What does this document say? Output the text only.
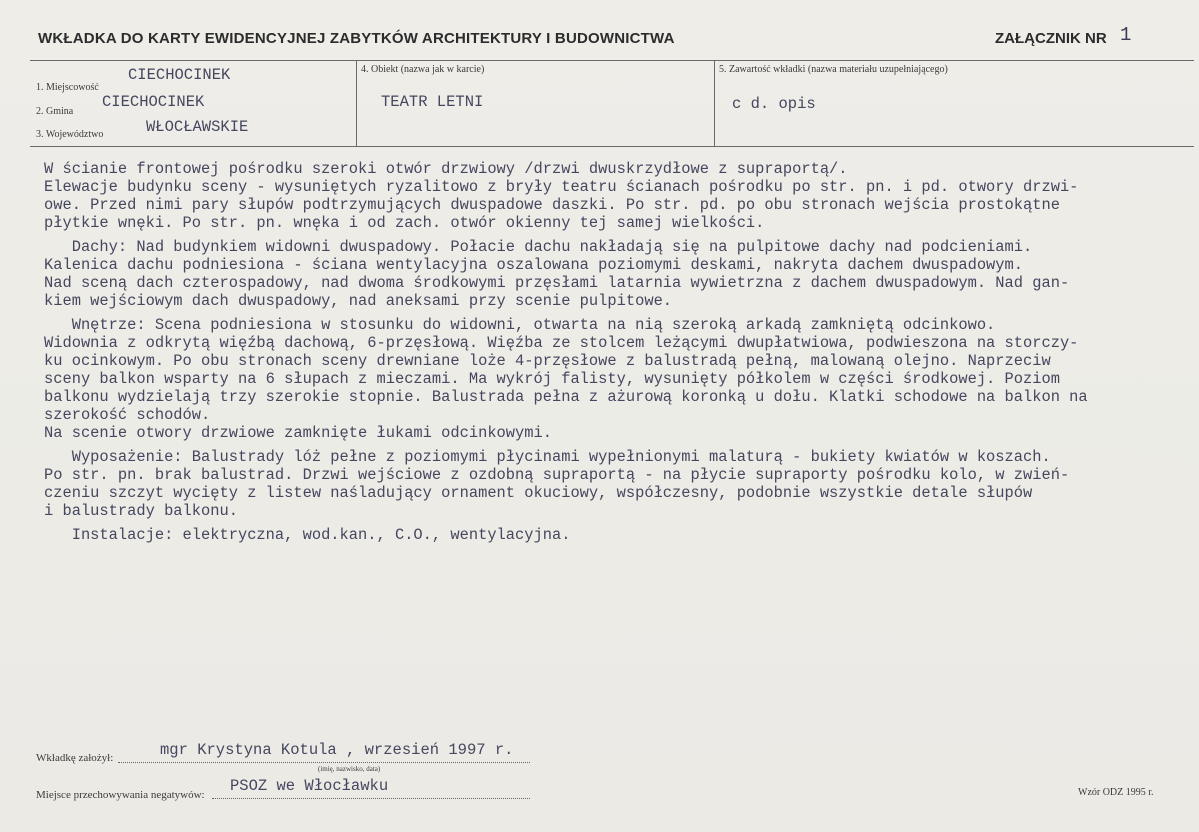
WKŁADKA DO KARTY EWIDENCYJNEJ ZABYTKÓW ARCHITEKTURY I BUDOWNICTWA	ZAŁĄCZNIK NR 1
1. Miejscowość
CIECHOCINEK
2. Gmina
CIECHOCINEK
3. Województwo	WŁOCŁAWSKIE
4. Obiekt (nazwa jak w karcie)
TEATR LETNI
5. Zawartość wkładki (nazwa materiału uzupełniającego)
c d. opis
W ścianie frontowej pośrodku szeroki otwór drzwiowy /drzwi dwuskrzydłowe z supraportą/.
Elewacje budynku sceny - wysuniętych ryzalitowo z bryły teatru ścianach pośrodku po str. pn. i pd. otwory drzwi-
owe. Przed nimi pary słupów podtrzymujących dwuspadowe daszki. Po str. pd. po obu stronach wejścia prostokątne
płytkie wnęki. Po str. pn. wnęka i od zach. otwór okienny tej samej wielkości.
Dachy: Nad budynkiem widowni dwuspadowy. Połacie dachu nakładają się na pulpitowe dachy nad podcieniami.
Kalenica dachu podniesiona - ściana wentylacyjna oszalowana poziomymi deskami, nakryta dachem dwuspadowym.
Nad sceną dach czterospadowy, nad dwoma środkowymi przęsłami latarnia wywietrzna z dachem dwuspadowym. Nad gan-
kiem wejściowym dach dwuspadowy, nad aneksami przy scenie pulpitowe.
Wnętrze: Scena podniesiona w stosunku do widowni, otwarta na nią szeroką arkadą zamkniętą odcinkowo.
Widownia z odkrytą więźbą dachową, 6-przęsłową. Więźba ze stolcem leżącymi dwupłatwiowa, podwieszona na storczy-
ku ocinkowym. Po obu stronach sceny drewniane loże 4-przęsłowe z balustradą pełną, malowaną olejno. Naprzeciw
sceny balkon wsparty na 6 słupach z mieczami. Ma wykrój falisty, wysunięty półkolem w części środkowej. Poziom
balkonu wydzielają trzy szerokie stopnie. Balustrada pełna z ażurową koronką u dołu. Klatki schodowe na balkon na
szerokość schodów.
Na scenie otwory drzwiowe zamknięte łukami odcinkowymi.
Wyposażenie: Balustrady lóż pełne z poziomymi płycinami wypełnionymi malaturą - bukiety kwiatów w koszach.
Po str. pn. brak balustrad. Drzwi wejściowe z ozdobną supraportą - na płycie supraporty pośrodku kolo, w zwień-
czeniu szczyt wycięty z listew naśladujący ornament okuciowy, współczesny, podobnie wszystkie detale słupów
i balustrady balkonu.
Instalacje: elektryczna, wod.kan., C.O., wentylacyjna.
Wkładkę założył:	mgr Krystyna Kotula , wrzesień 1997 r.
(imię, nazwisko, data)
Miejsce przechowywania negatywów: PSOZ we Włocławku	Wzór ODZ 1995 r.
